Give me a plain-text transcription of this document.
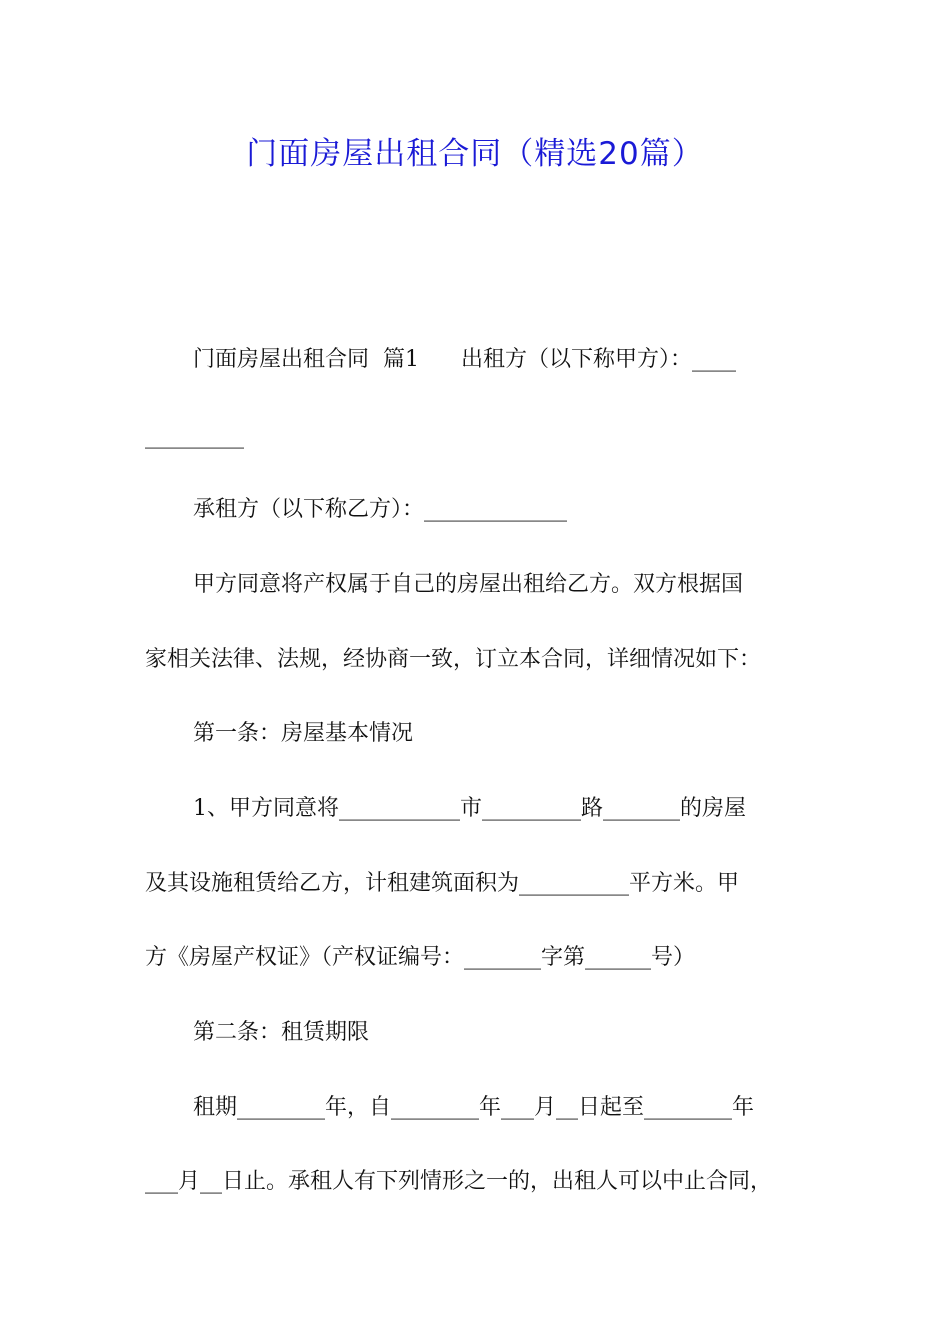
门面房屋出租合同（精选20篇）
门面房屋出租合同  篇1      出租方（以下称甲方）：____
_________
承租方（以下称乙方）：_____________
甲方同意将产权属于自己的房屋出租给乙方。双方根据国
家相关法律、法规，经协商一致，订立本合同，详细情况如下：
第一条：房屋基本情况
1、甲方同意将___________市_________路_______的房屋
及其设施租赁给乙方，计租建筑面积为__________平方米。甲
方《房屋产权证》（产权证编号：_______字第______号）
第二条：租赁期限
租期________年，自________年___月__日起至________年
___月__日止。承租人有下列情形之一的，出租人可以中止合同，
